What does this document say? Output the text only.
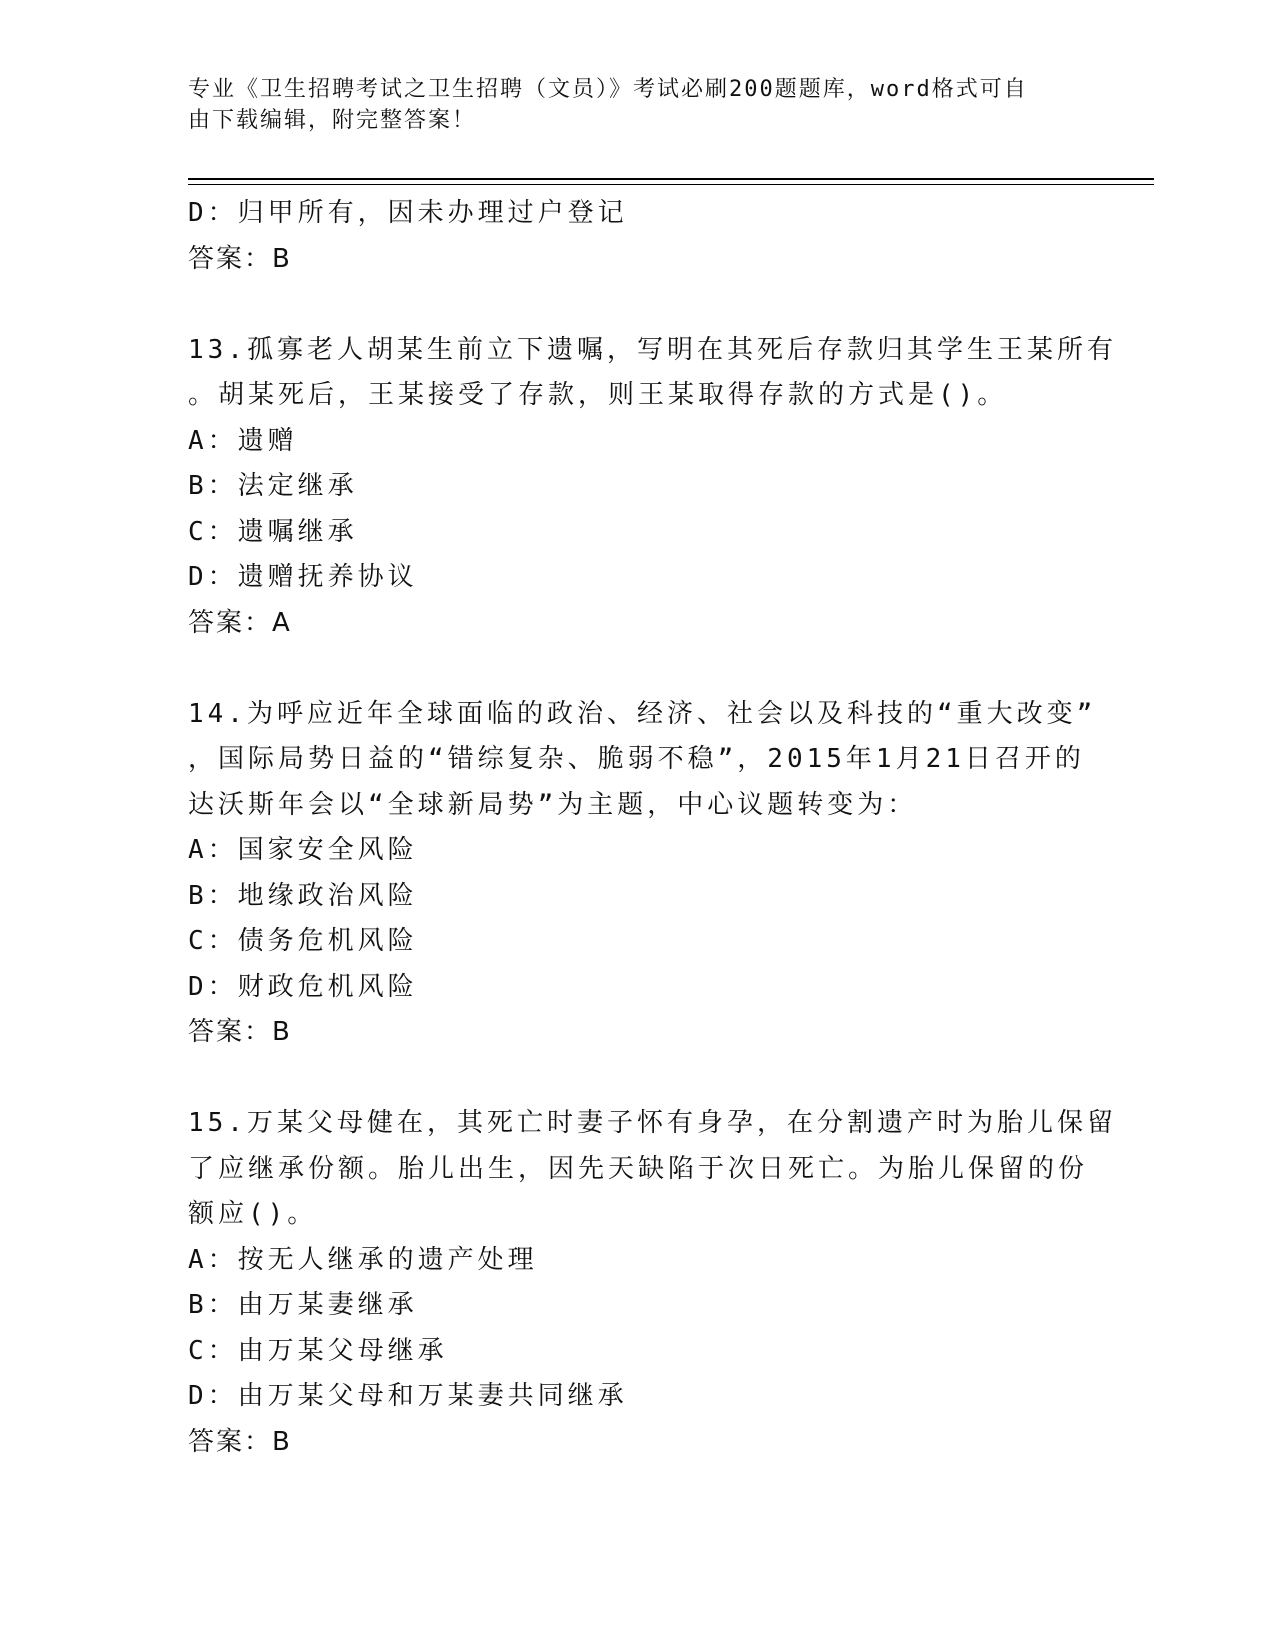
专业《卫生招聘考试之卫生招聘（文员）》考试必刷200题题库，word格式可自
由下载编辑，附完整答案！
D：归甲所有，因未办理过户登记
答案：B
13.孤寡老人胡某生前立下遗嘱，写明在其死后存款归其学生王某所有
。胡某死后，王某接受了存款，则王某取得存款的方式是()。
A：遗赠
B：法定继承
C：遗嘱继承
D：遗赠抚养协议
答案：A
14.为呼应近年全球面临的政治、经济、社会以及科技的“重大改变”
，国际局势日益的“错综复杂、脆弱不稳”，2015年1月21日召开的
达沃斯年会以“全球新局势”为主题，中心议题转变为：
A：国家安全风险
B：地缘政治风险
C：债务危机风险
D：财政危机风险
答案：B
15.万某父母健在，其死亡时妻子怀有身孕，在分割遗产时为胎儿保留
了应继承份额。胎儿出生，因先天缺陷于次日死亡。为胎儿保留的份
额应()。
A：按无人继承的遗产处理
B：由万某妻继承
C：由万某父母继承
D：由万某父母和万某妻共同继承
答案：B
